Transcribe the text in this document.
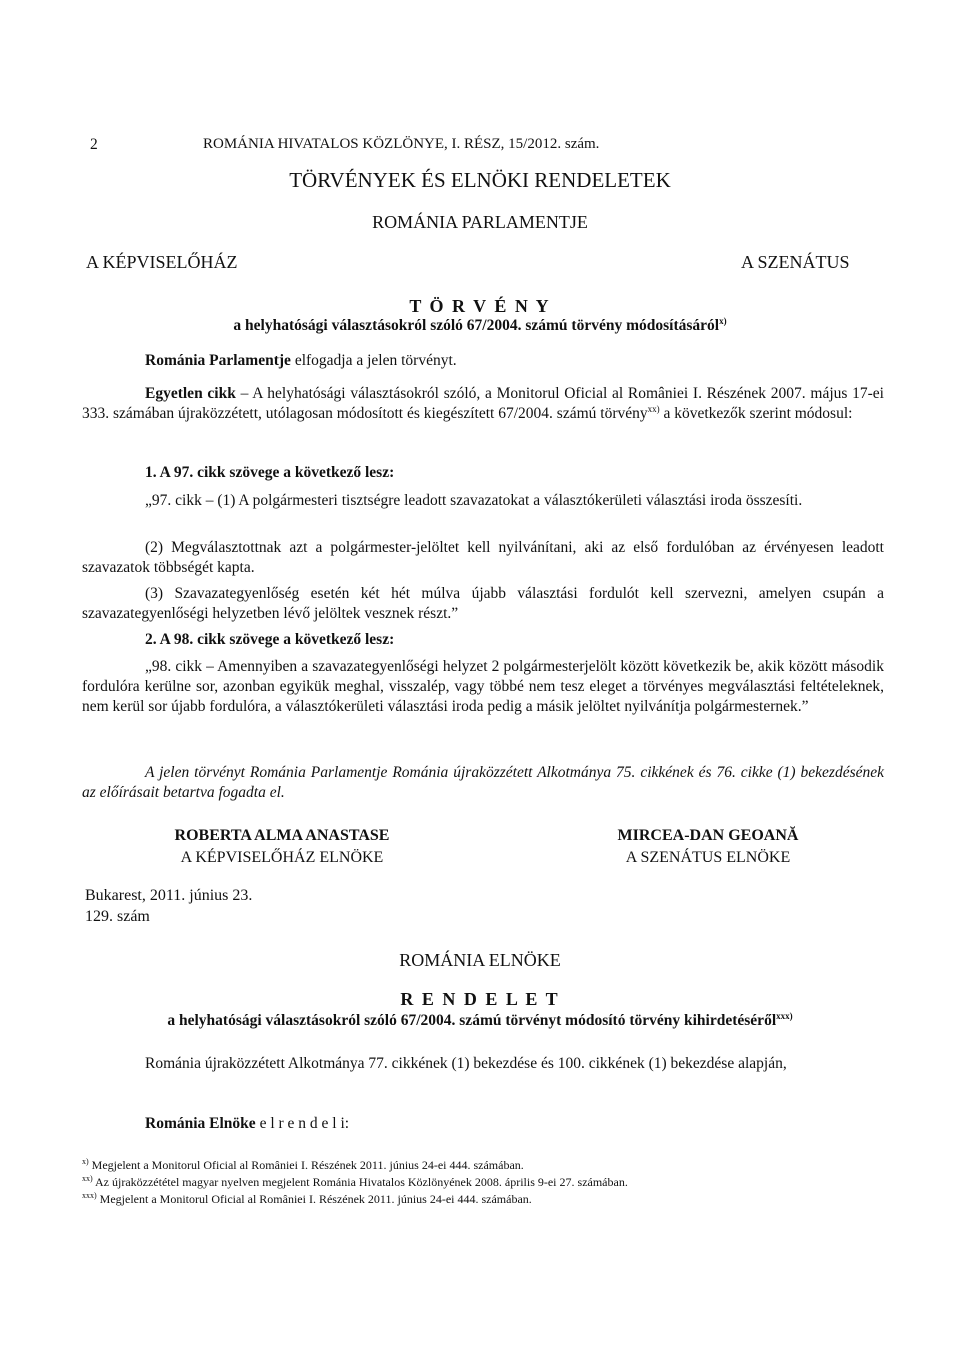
2	ROMÁNIA HIVATALOS KÖZLÖNYE, I. RÉSZ, 15/2012. szám.
TÖRVÉNYEK ÉS ELNÖKI RENDELETEK
ROMÁNIA PARLAMENTJE
A KÉPVISELŐHÁZ	A SZENÁTUS
T Ö R V É N Y
a helyhatósági választásokról szóló 67/2004. számú törvény módosításáról$^{x)}$
Románia Parlamentje elfogadja a jelen törvényt.
Egyetlen cikk – A helyhatósági választásokról szóló, a Monitorul Oficial al României I. Részének 2007. május 17-ei 333. számában újraközzétett, utólagosan módosított és kiegészített 67/2004. számú törvény$^{xx)}$ a következők szerint módosul:
1. A 97. cikk szövege a következő lesz:
„97. cikk – (1) A polgármesteri tisztségre leadott szavazatokat a választókerületi választási iroda összesíti.
(2) Megválasztottnak azt a polgármester-jelöltet kell nyilvánítani, aki az első fordulóban az érvényesen leadott szavazatok többségét kapta.
(3) Szavazategyenlőség esetén két hét múlva újabb választási fordulót kell szervezni, amelyen csupán a szavazategyenlőségi helyzetben lévő jelöltek vesznek részt.”
2. A 98. cikk szövege a következő lesz:
„98. cikk – Amennyiben a szavazategyenlőségi helyzet 2 polgármesterjelölt között következik be, akik között második fordulóra kerülne sor, azonban egyikük meghal, visszalép, vagy többé nem tesz eleget a törvényes megválasztási feltételeknek, nem kerül sor újabb fordulóra, a választókerületi választási iroda pedig a másik jelöltet nyilvánítja polgármesternek.”
A jelen törvényt Románia Parlamentje Románia újraközzétett Alkotmánya 75. cikkének és 76. cikke (1) bekezdésének az előírásait betartva fogadta el.
ROBERTA ALMA ANASTASE
A KÉPVISELŐHÁZ ELNÖKE
MIRCEA-DAN GEOANĂ
A SZENÁTUS ELNÖKE
Bukarest, 2011. június 23.
129. szám
ROMÁNIA ELNÖKE
R E N D E L E T
a helyhatósági választásokról szóló 67/2004. számú törvényt módosító törvény kihirdetéséről$^{xxx)}$
Románia újraközzétett Alkotmánya 77. cikkének (1) bekezdése és 100. cikkének (1) bekezdése alapján,
Románia Elnöke e l r e n d e l i:
$^{x)}$ Megjelent a Monitorul Oficial al României I. Részének 2011. június 24-ei 444. számában.
$^{xx)}$ Az újraközzététel magyar nyelven megjelent Románia Hivatalos Közlönyének 2008. április 9-ei 27. számában.
$^{xxx)}$ Megjelent a Monitorul Oficial al României I. Részének 2011. június 24-ei 444. számában.
